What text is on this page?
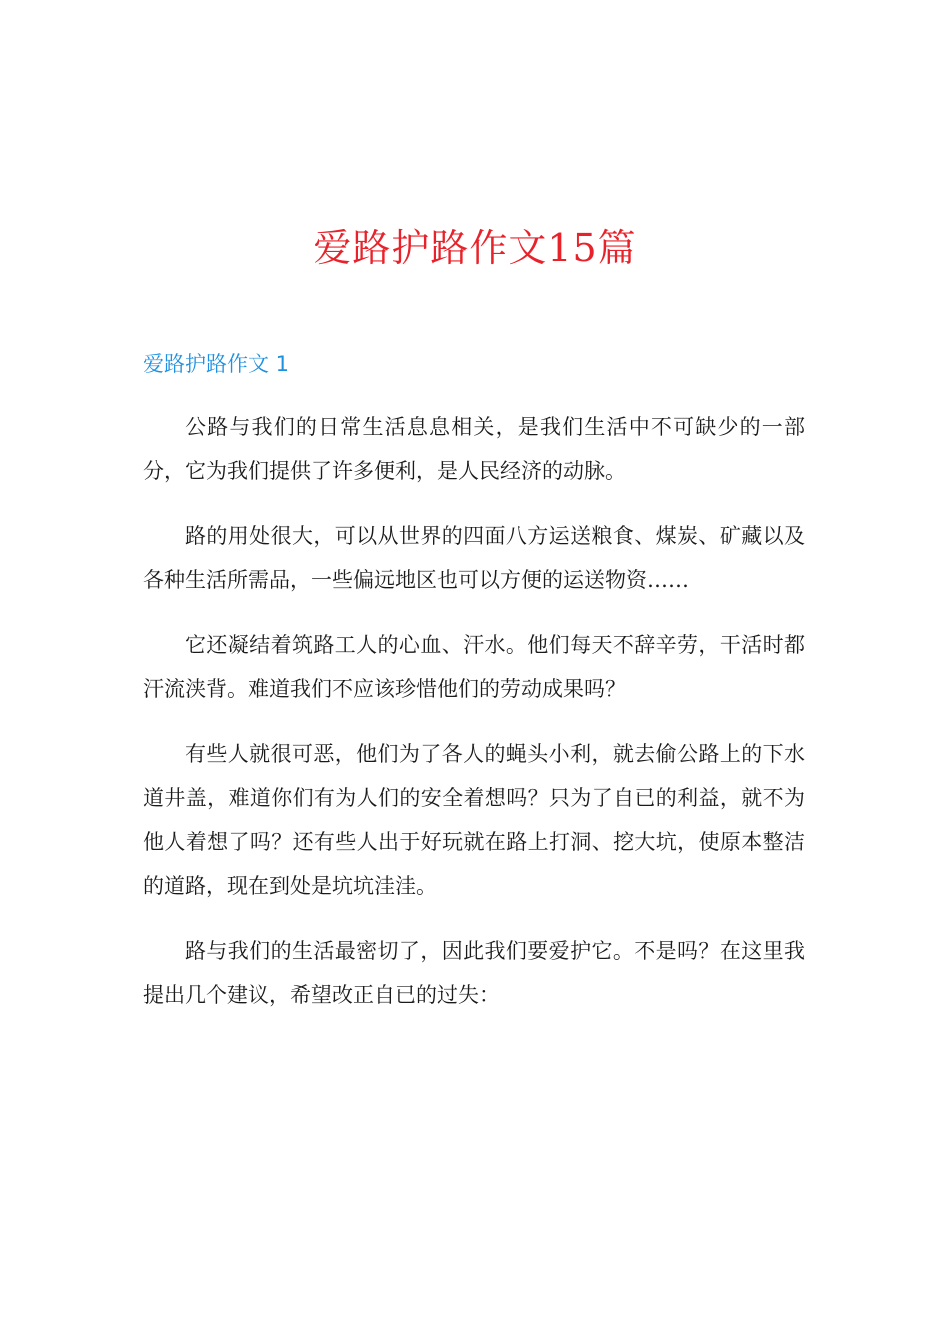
爱路护路作文15篇
爱路护路作文 1

公路与我们的日常生活息息相关，是我们生活中不可缺少的一部分，它为我们提供了许多便利，是人民经济的动脉。

路的用处很大，可以从世界的四面八方运送粮食、煤炭、矿藏以及各种生活所需品，一些偏远地区也可以方便的运送物资……

它还凝结着筑路工人的心血、汗水。他们每天不辞辛劳，干活时都汗流浃背。难道我们不应该珍惜他们的劳动成果吗？

有些人就很可恶，他们为了各人的蝇头小利，就去偷公路上的下水道井盖，难道你们有为人们的安全着想吗？只为了自已的利益，就不为他人着想了吗？还有些人出于好玩就在路上打洞、挖大坑，使原本整洁的道路，现在到处是坑坑洼洼。

路与我们的生活最密切了，因此我们要爱护它。不是吗？在这里我提出几个建议，希望改正自已的过失：
